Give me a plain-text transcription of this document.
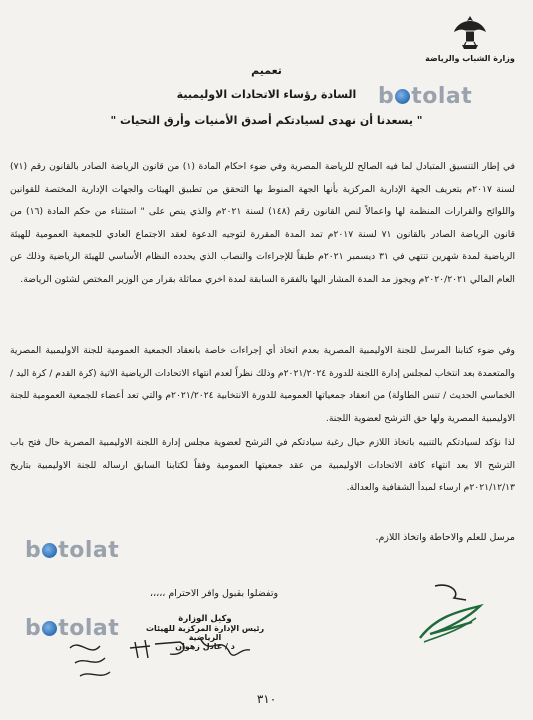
وزارة الشباب والرياضة
تعميم
السادة رؤساء الاتحادات الاوليمبية
" يسعدنا أن نهدى لسيادتكم أصدق الأمنيات وأرق التحيات "
b tolat
في إطار التنسيق المتبادل لما فيه الصالح للرياضة المصرية وفي ضوء احكام المادة (١) من قانون الرياضة الصادر بالقانون رقم (٧١) لسنة ٢٠١٧م بتعريف الجهة الإدارية المركزية بأنها الجهة المنوط بها التحقق من تطبيق الهيئات والجهات الإدارية المختصة للقوانين واللوائح والقرارات المنظمة لها واعمالاً لنص القانون رقم (١٤٨) لسنة ٢٠٢١م والذي ينص على " استثناء من حكم المادة (١٦) من قانون الرياضة الصادر بالقانون ٧١ لسنة ٢٠١٧م تمد المدة المقررة لتوجيه الدعوة لعقد الاجتماع العادي للجمعية العمومية للهيئة الرياضية لمدة شهرين تنتهي في ٣١ ديسمبر ٢٠٢١م طبقاً للإجراءات والنصاب الذي يحدده النظام الأساسي للهيئة الرياضية وذلك عن العام المالي ٢٠٢٠/٢٠٢١م ويجوز مد المدة المشار اليها بالفقرة السابقة لمدة اخري مماثلة بقرار من الوزير المختص لشئون الرياضة.
وفي ضوء كتابنا المرسل للجنة الاوليمبية المصرية بعدم اتخاذ أي إجراءات خاصة بانعقاد الجمعية العمومية للجنة الاوليمبية المصرية والمتعمدة بعد انتخاب لمجلس إدارة اللجنة للدورة ٢٠٢١/٢٠٢٤م وذلك نظراً لعدم انتهاء الاتحادات الرياضية الاتية (كرة القدم / كرة اليد / الخماسي الحديث / تنس الطاولة) من انعقاد جمعياتها العمومية للدورة الانتخابية ٢٠٢١/٢٠٢٤م والتي تعد أعضاء للجمعية العمومية للجنة الاوليمبية المصرية ولها حق الترشح لعضوية اللجنة.
لذا نؤكد لسيادتكم بالتنبيه باتخاذ اللازم حيال رغبة سيادتكم في الترشح لعضوية مجلس إدارة اللجنة الاوليمبية المصرية حال فتح باب الترشح الا بعد انتهاء كافة الاتحادات الاوليمبية من عقد جمعيتها العمومية وفقاً لكتابنا السابق ارساله للجنة الاوليمبية بتاريخ ٢٠٢١/١٢/١٣م ارساء لمبدأ الشفافية والعدالة.
b tolat
b tolat
مرسل للعلم والاحاطة واتخاذ اللازم.
وتفضلوا بقبول وافر الاحترام ،،،،،
وكيل الوزارة
رئيس الإدارة المركزية للهيئات الرياضية
د / عادل زهوان
٣١٠
